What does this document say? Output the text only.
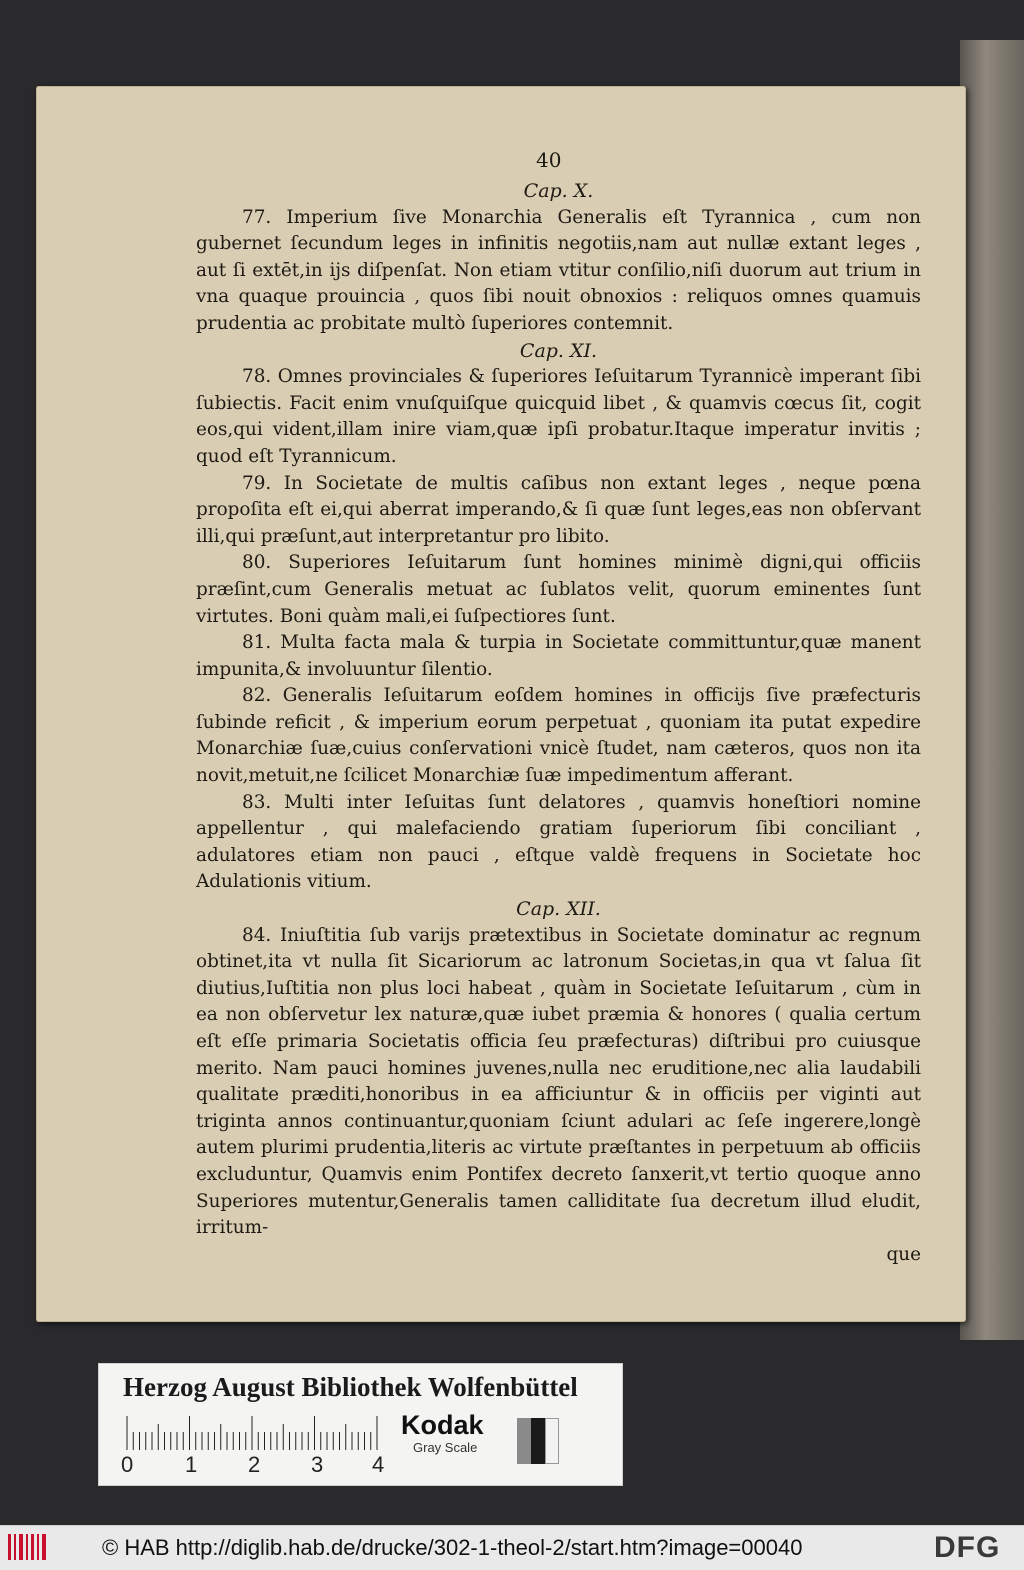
40

Cap. X.

77. Imperium ſive Monarchia Generalis eſt Tyrannica , cum non gubernet ſecundum leges in infinitis negotiis,nam aut nullæ extant leges , aut ſi extēt,in ijs diſpenſat. Non etiam vtitur conſilio,niſi duorum aut trium in vna quaque prouincia , quos ſibi nouit obnoxios : reliquos omnes quamuis prudentia ac probitate multò ſuperiores contemnit.

Cap. XI.

78. Omnes provinciales & ſuperiores Ieſuitarum Tyrannicè imperant ſibi ſubiectis. Facit enim vnuſquiſque quicquid libet , & quamvis cœcus ſit, cogit eos,qui vident,illam inire viam,quæ ipſi probatur.Itaque imperatur invitis ; quod eſt Tyrannicum.

79. In Societate de multis caſibus non extant leges , neque pœna propoſita eſt ei,qui aberrat imperando,& ſi quæ ſunt leges,eas non obſervant illi,qui præſunt,aut interpretantur pro libito.

80. Superiores Ieſuitarum ſunt homines minimè digni,qui officiis præſint,cum Generalis metuat ac ſublatos velit, quorum eminentes ſunt virtutes. Boni quàm mali,ei ſuſpectiores ſunt.

81. Multa facta mala & turpia in Societate committuntur,quæ manent impunita,& involuuntur ſilentio.

82. Generalis Ieſuitarum eoſdem homines in officijs ſive præfecturis ſubinde reficit , & imperium eorum perpetuat , quoniam ita putat expedire Monarchiæ ſuæ,cuius conſervationi vnicè ſtudet, nam cæteros, quos non ita novit,metuit,ne ſcilicet Monarchiæ ſuæ impedimentum afferant.

83. Multi inter Ieſuitas ſunt delatores , quamvis honeſtiori nomine appellentur , qui malefaciendo gratiam ſuperiorum ſibi conciliant , adulatores etiam non pauci , eſtque valdè frequens in Societate hoc Adulationis vitium.

Cap. XII.

84. Iniuſtitia ſub varijs prætextibus in Societate dominatur ac regnum obtinet,ita vt nulla ſit Sicariorum ac latronum Societas,in qua vt ſalua ſit diutius,Iuſtitia non plus loci habeat , quàm in Societate Ieſuitarum , cùm in ea non obſervetur lex naturæ,quæ iubet præmia & honores ( qualia certum eſt eſſe primaria Societatis officia ſeu præfecturas) diſtribui pro cuiusque merito. Nam pauci homines juvenes,nulla nec eruditione,nec alia laudabili qualitate præditi,honoribus in ea afficiuntur & in officiis per viginti aut triginta annos continuantur,quoniam ſciunt adulari ac ſeſe ingerere,longè autem plurimi prudentia,literis ac virtute præſtantes in perpetuum ab officiis excluduntur, Quamvis enim Pontifex decreto ſanxerit,vt tertio quoque anno Superiores mutentur,Generalis tamen calliditate ſua decretum illud eludit, irritum-

que

Herzog August Bibliothek Wolfenbüttel
0 1 2 3 4
Kodak
Gray Scale
© HAB http://diglib.hab.de/drucke/302-1-theol-2/start.htm?image=00040	DFG
